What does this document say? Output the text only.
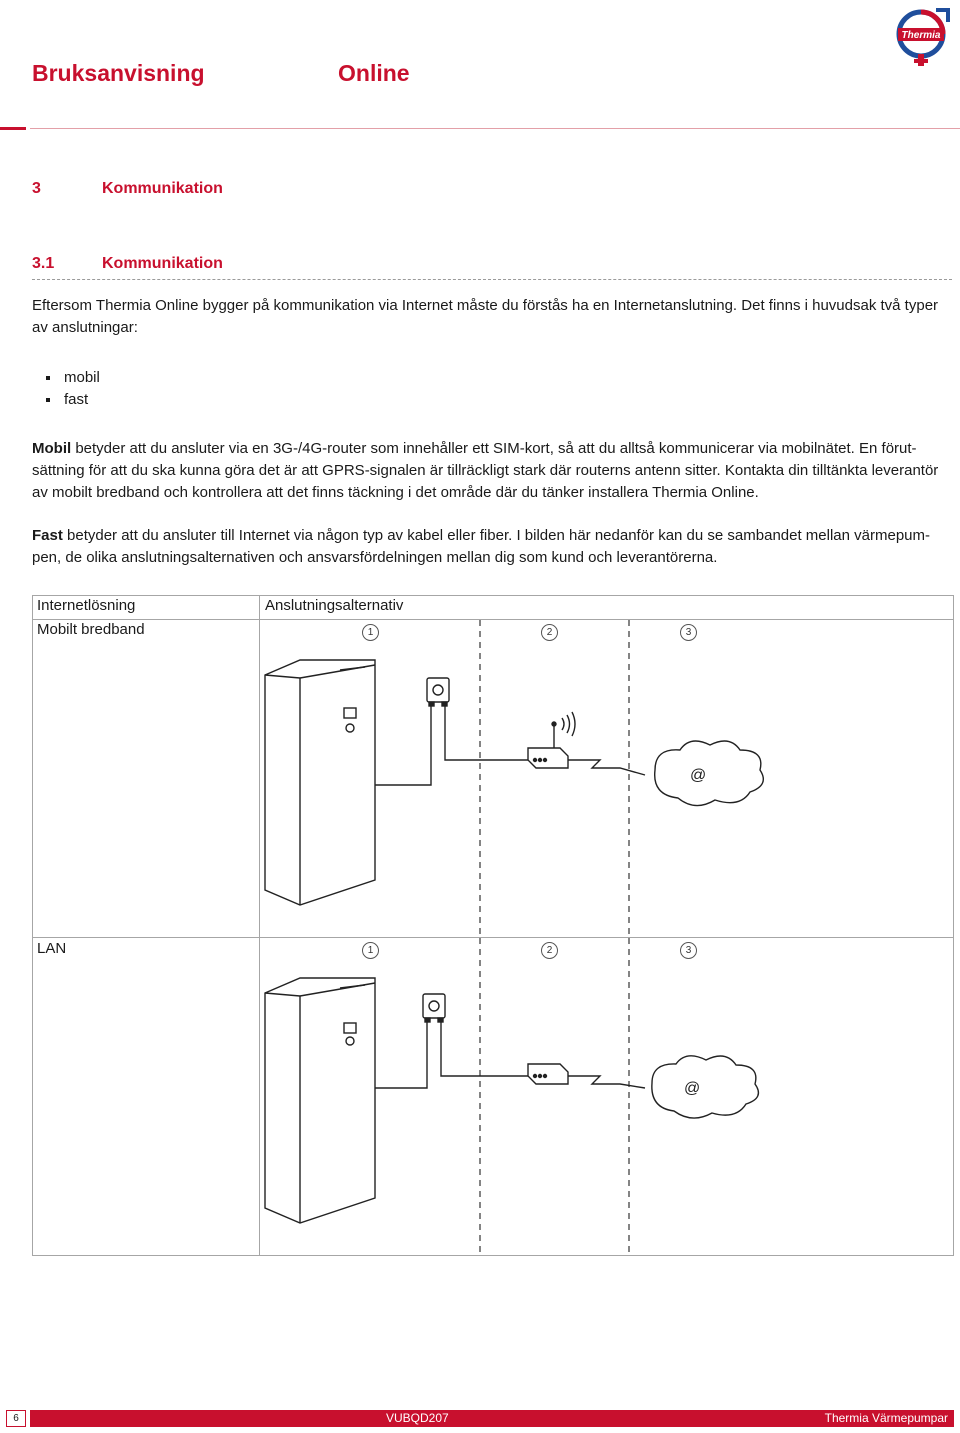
Bruksanvisning	Online
Thermia
3	Kommunikation
3.1	Kommunikation

Eftersom Thermia Online bygger på kommunikation via Internet måste du förstås ha en Internetanslutning. Det finns i huvudsak två typer av anslutningar:

mobil
fast

Mobil betyder att du ansluter via en 3G-/4G-router som innehåller ett SIM-kort, så att du alltså kommunicerar via mobilnätet. En förutsättning för att du ska kunna göra det är att GPRS-signalen är tillräckligt stark där routerns antenn sitter. Kontakta din tilltänkta leverantör av mobilt bredband och kontrollera att det finns täckning i det område där du tänker installera Thermia Online.

Fast betyder att du ansluter till Internet via någon typ av kabel eller fiber. I bilden här nedanför kan du se sambandet mellan värmepumpen, de olika anslutningsalternativen och ansvarsfördelningen mellan dig som kund och leverantörerna.

Internetlösning	Anslutningsalternativ
Mobilt bredband
LAN
1	2	3
1	2	3
@
@
6	VUBQD207	Thermia Värmepumpar
